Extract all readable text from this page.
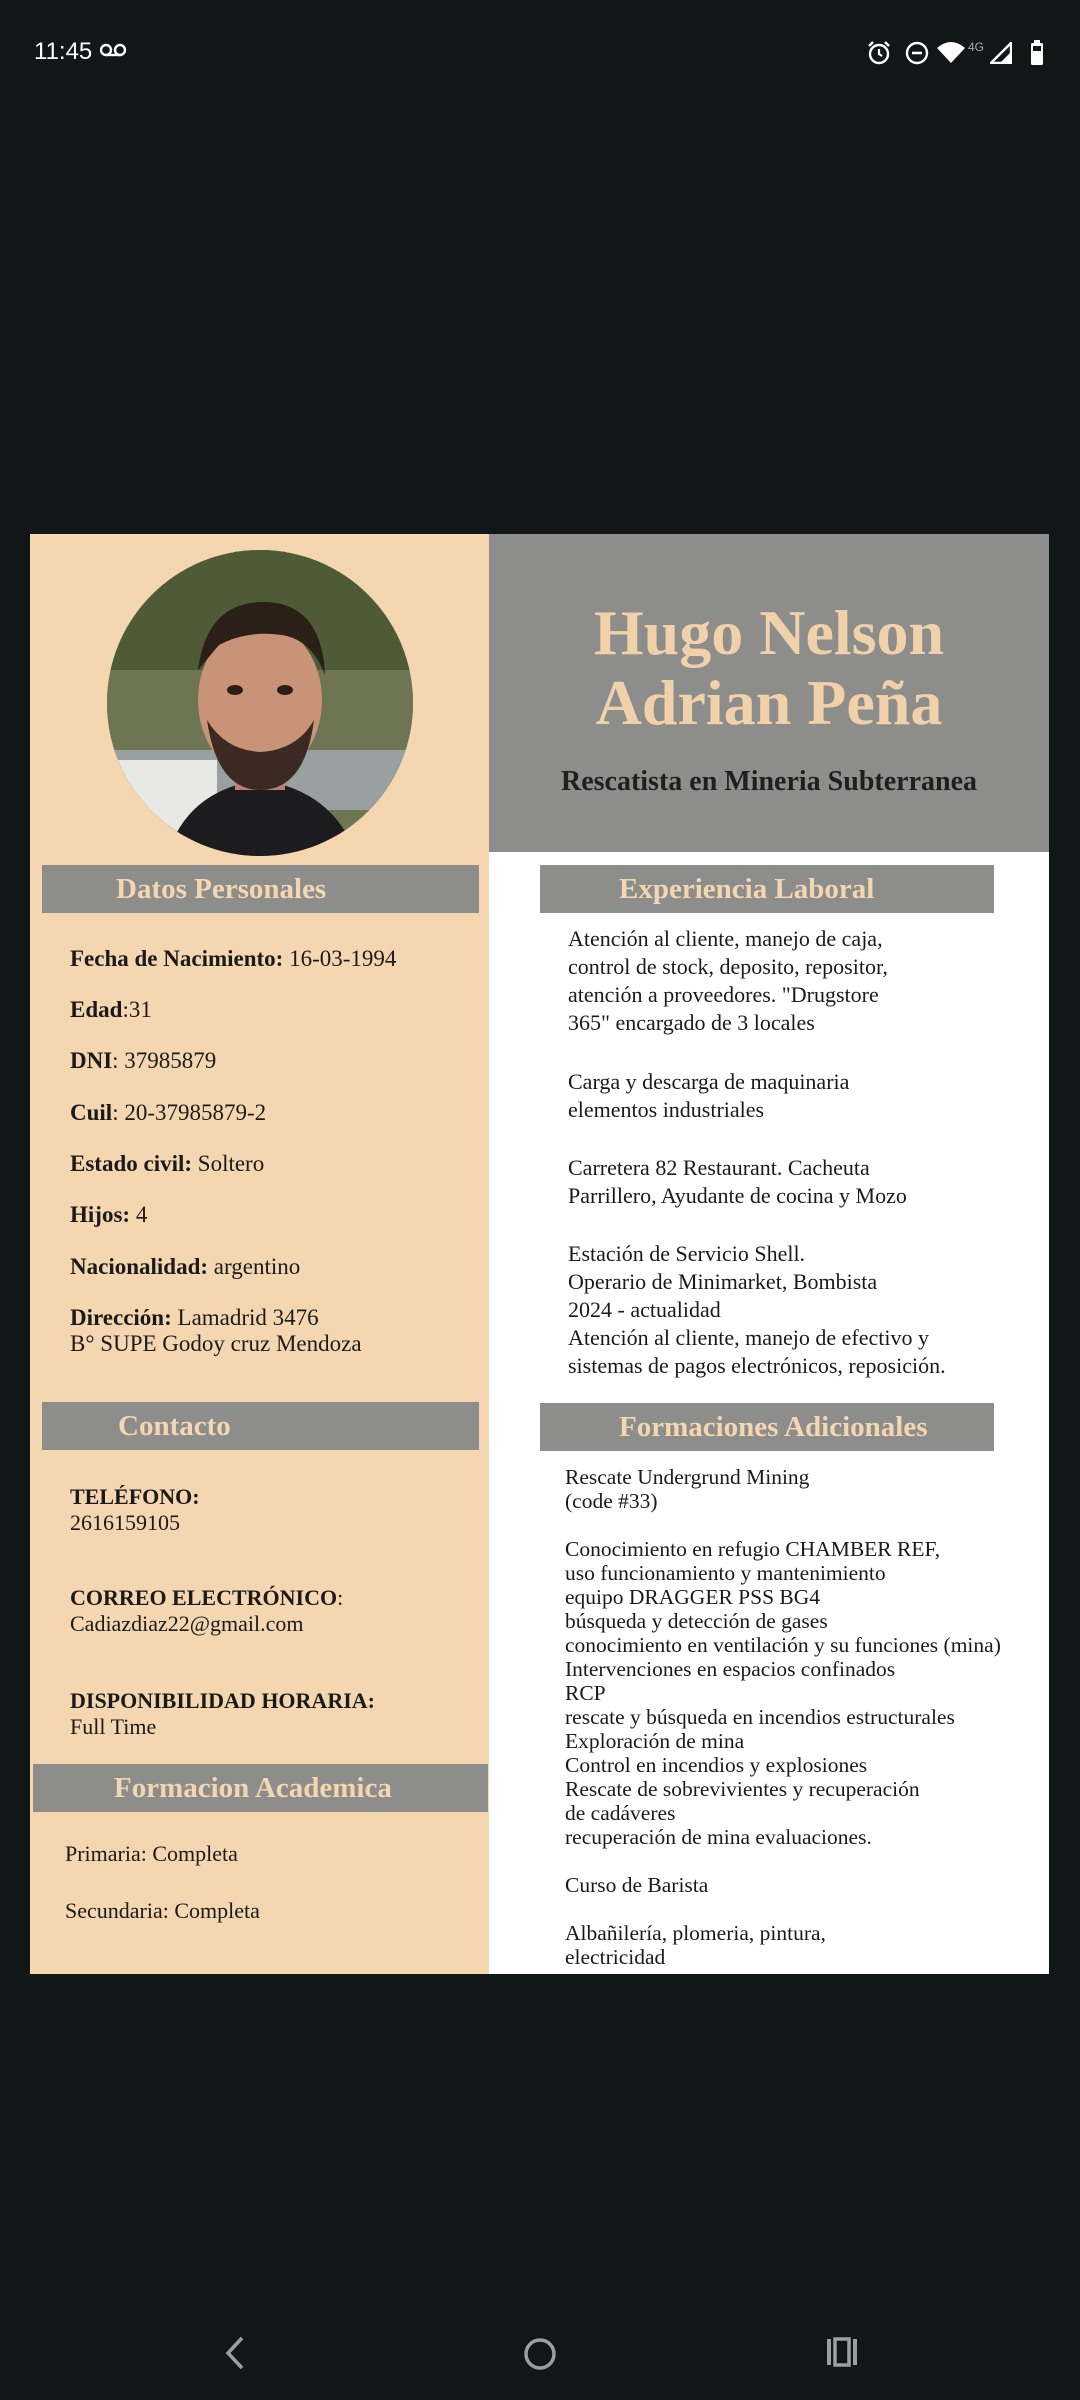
11:45	4G
Hugo Nelson
Adrian Peña
Rescatista en Mineria Subterranea
Datos Personales
Fecha de Nacimiento: 16-03-1994
Edad:31
DNI: 37985879
Cuil: 20-37985879-2
Estado civil: Soltero
Hijos: 4
Nacionalidad: argentino
Dirección: Lamadrid 3476
B° SUPE Godoy cruz Mendoza
Contacto
TELÉFONO:
2616159105
CORREO ELECTRÓNICO:
Cadiazdiaz22@gmail.com
DISPONIBILIDAD HORARIA:
Full Time
Formacion Academica
Primaria: Completa
Secundaria: Completa
Experiencia Laboral
Atención al cliente, manejo de caja,
control de stock, deposito, repositor,
atención a proveedores. "Drugstore
365" encargado de 3 locales
Carga y descarga de maquinaria
elementos industriales
Carretera 82 Restaurant. Cacheuta
Parrillero, Ayudante de cocina y Mozo
Estación de Servicio Shell.
Operario de Minimarket, Bombista
2024 - actualidad
Atención al cliente, manejo de efectivo y
sistemas de pagos electrónicos, reposición.
Formaciones Adicionales
Rescate Undergrund Mining
(code #33)
Conocimiento en refugio CHAMBER REF,
uso funcionamiento y mantenimiento
equipo DRAGGER PSS BG4
búsqueda y detección de gases
conocimiento en ventilación y su funciones (mina)
Intervenciones en espacios confinados
RCP
rescate y búsqueda en incendios estructurales
Exploración de mina
Control en incendios y explosiones
Rescate de sobrevivientes y recuperación
de cadáveres
recuperación de mina evaluaciones.
Curso de Barista
Albañilería, plomeria, pintura,
electricidad
